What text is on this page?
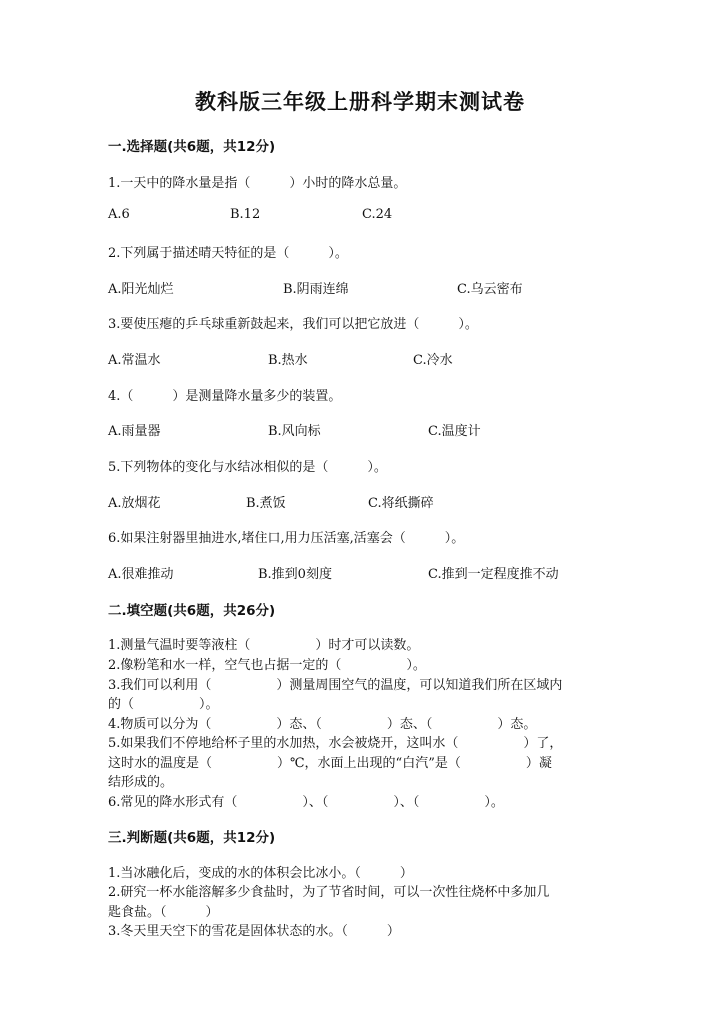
教科版三年级上册科学期末测试卷
一.选择题(共6题，共12分)
1.一天中的降水量是指（　　　）小时的降水总量。
A.6	B.12	C.24
2.下列属于描述晴天特征的是（　　　）。
A.阳光灿烂	B.阴雨连绵	C.乌云密布
3.要使压瘪的乒乓球重新鼓起来，我们可以把它放进（　　　）。
A.常温水	B.热水	C.冷水
4.（　　　）是测量降水量多少的装置。
A.雨量器	B.风向标	C.温度计
5.下列物体的变化与水结冰相似的是（　　　）。
A.放烟花	B.煮饭	C.将纸撕碎
6.如果注射器里抽进水,堵住口,用力压活塞,活塞会（　　　）。
A.很难推动	B.推到0刻度	C.推到一定程度推不动
二.填空题(共6题，共26分)
1.测量气温时要等液柱（　　　　　）时才可以读数。
2.像粉笔和水一样，空气也占据一定的（　　　　　）。
3.我们可以利用（　　　　　）测量周围空气的温度，可以知道我们所在区域内
的（　　　　　）。
4.物质可以分为（　　　　　）态、（　　　　　）态、（　　　　　）态。
5.如果我们不停地给杯子里的水加热，水会被烧开，这叫水（　　　　　）了，
这时水的温度是（　　　　　）℃，水面上出现的“白汽”是（　　　　　）凝
结形成的。
6.常见的降水形式有（　　　　　）、（　　　　　）、（　　　　　）。
三.判断题(共6题，共12分)
1.当冰融化后，变成的水的体积会比冰小。（　　　）
2.研究一杯水能溶解多少食盐时，为了节省时间，可以一次性往烧杯中多加几
匙食盐。（　　　）
3.冬天里天空下的雪花是固体状态的水。（　　　）
